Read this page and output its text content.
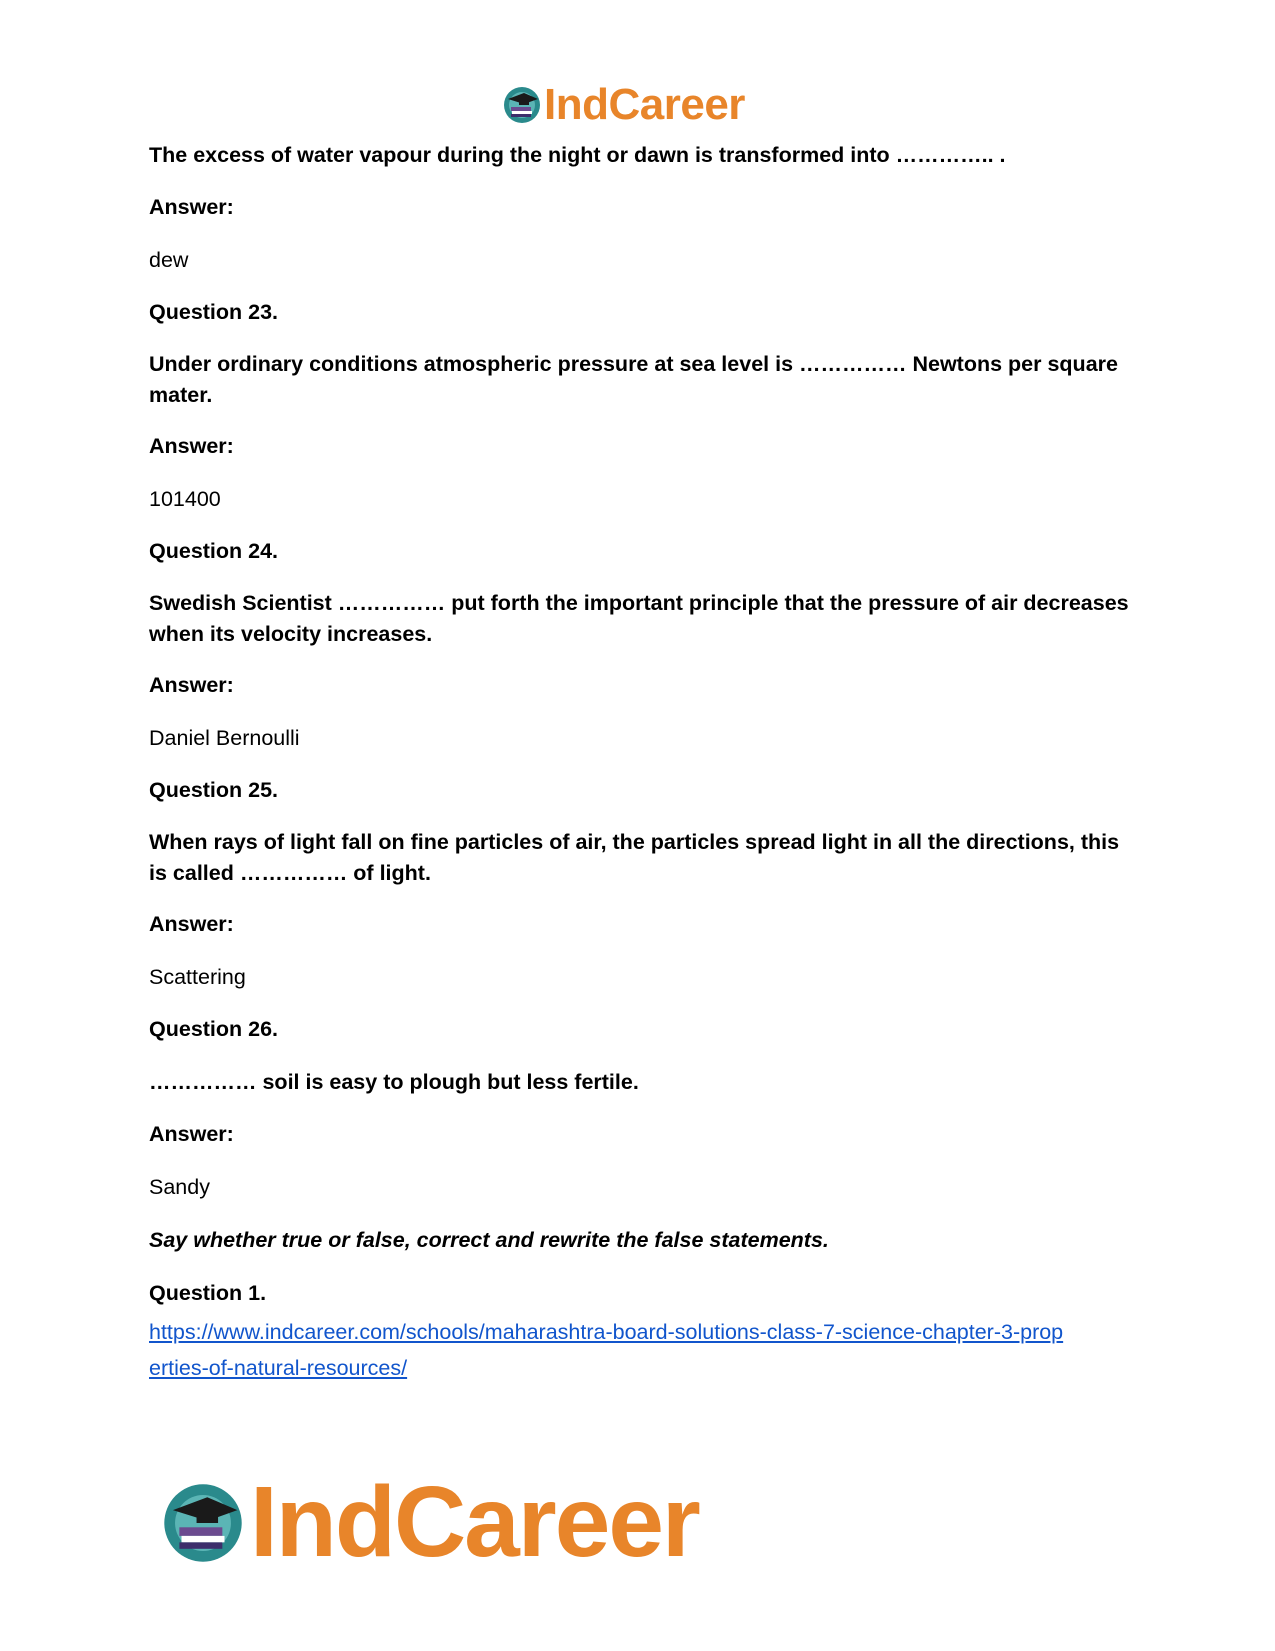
IndCareer
The excess of water vapour during the night or dawn is transformed into ………….. .
Answer:
dew
Question 23.
Under ordinary conditions atmospheric pressure at sea level is …………… Newtons per square mater.
Answer:
101400
Question 24.
Swedish Scientist …………… put forth the important principle that the pressure of air decreases when its velocity increases.
Answer:
Daniel Bernoulli
Question 25.
When rays of light fall on fine particles of air, the particles spread light in all the directions, this is called …………… of light.
Answer:
Scattering
Question 26.
…………… soil is easy to plough but less fertile.
Answer:
Sandy
Say whether true or false, correct and rewrite the false statements.
Question 1.
https://www.indcareer.com/schools/maharashtra-board-solutions-class-7-science-chapter-3-prop
erties-of-natural-resources/
IndCareer
